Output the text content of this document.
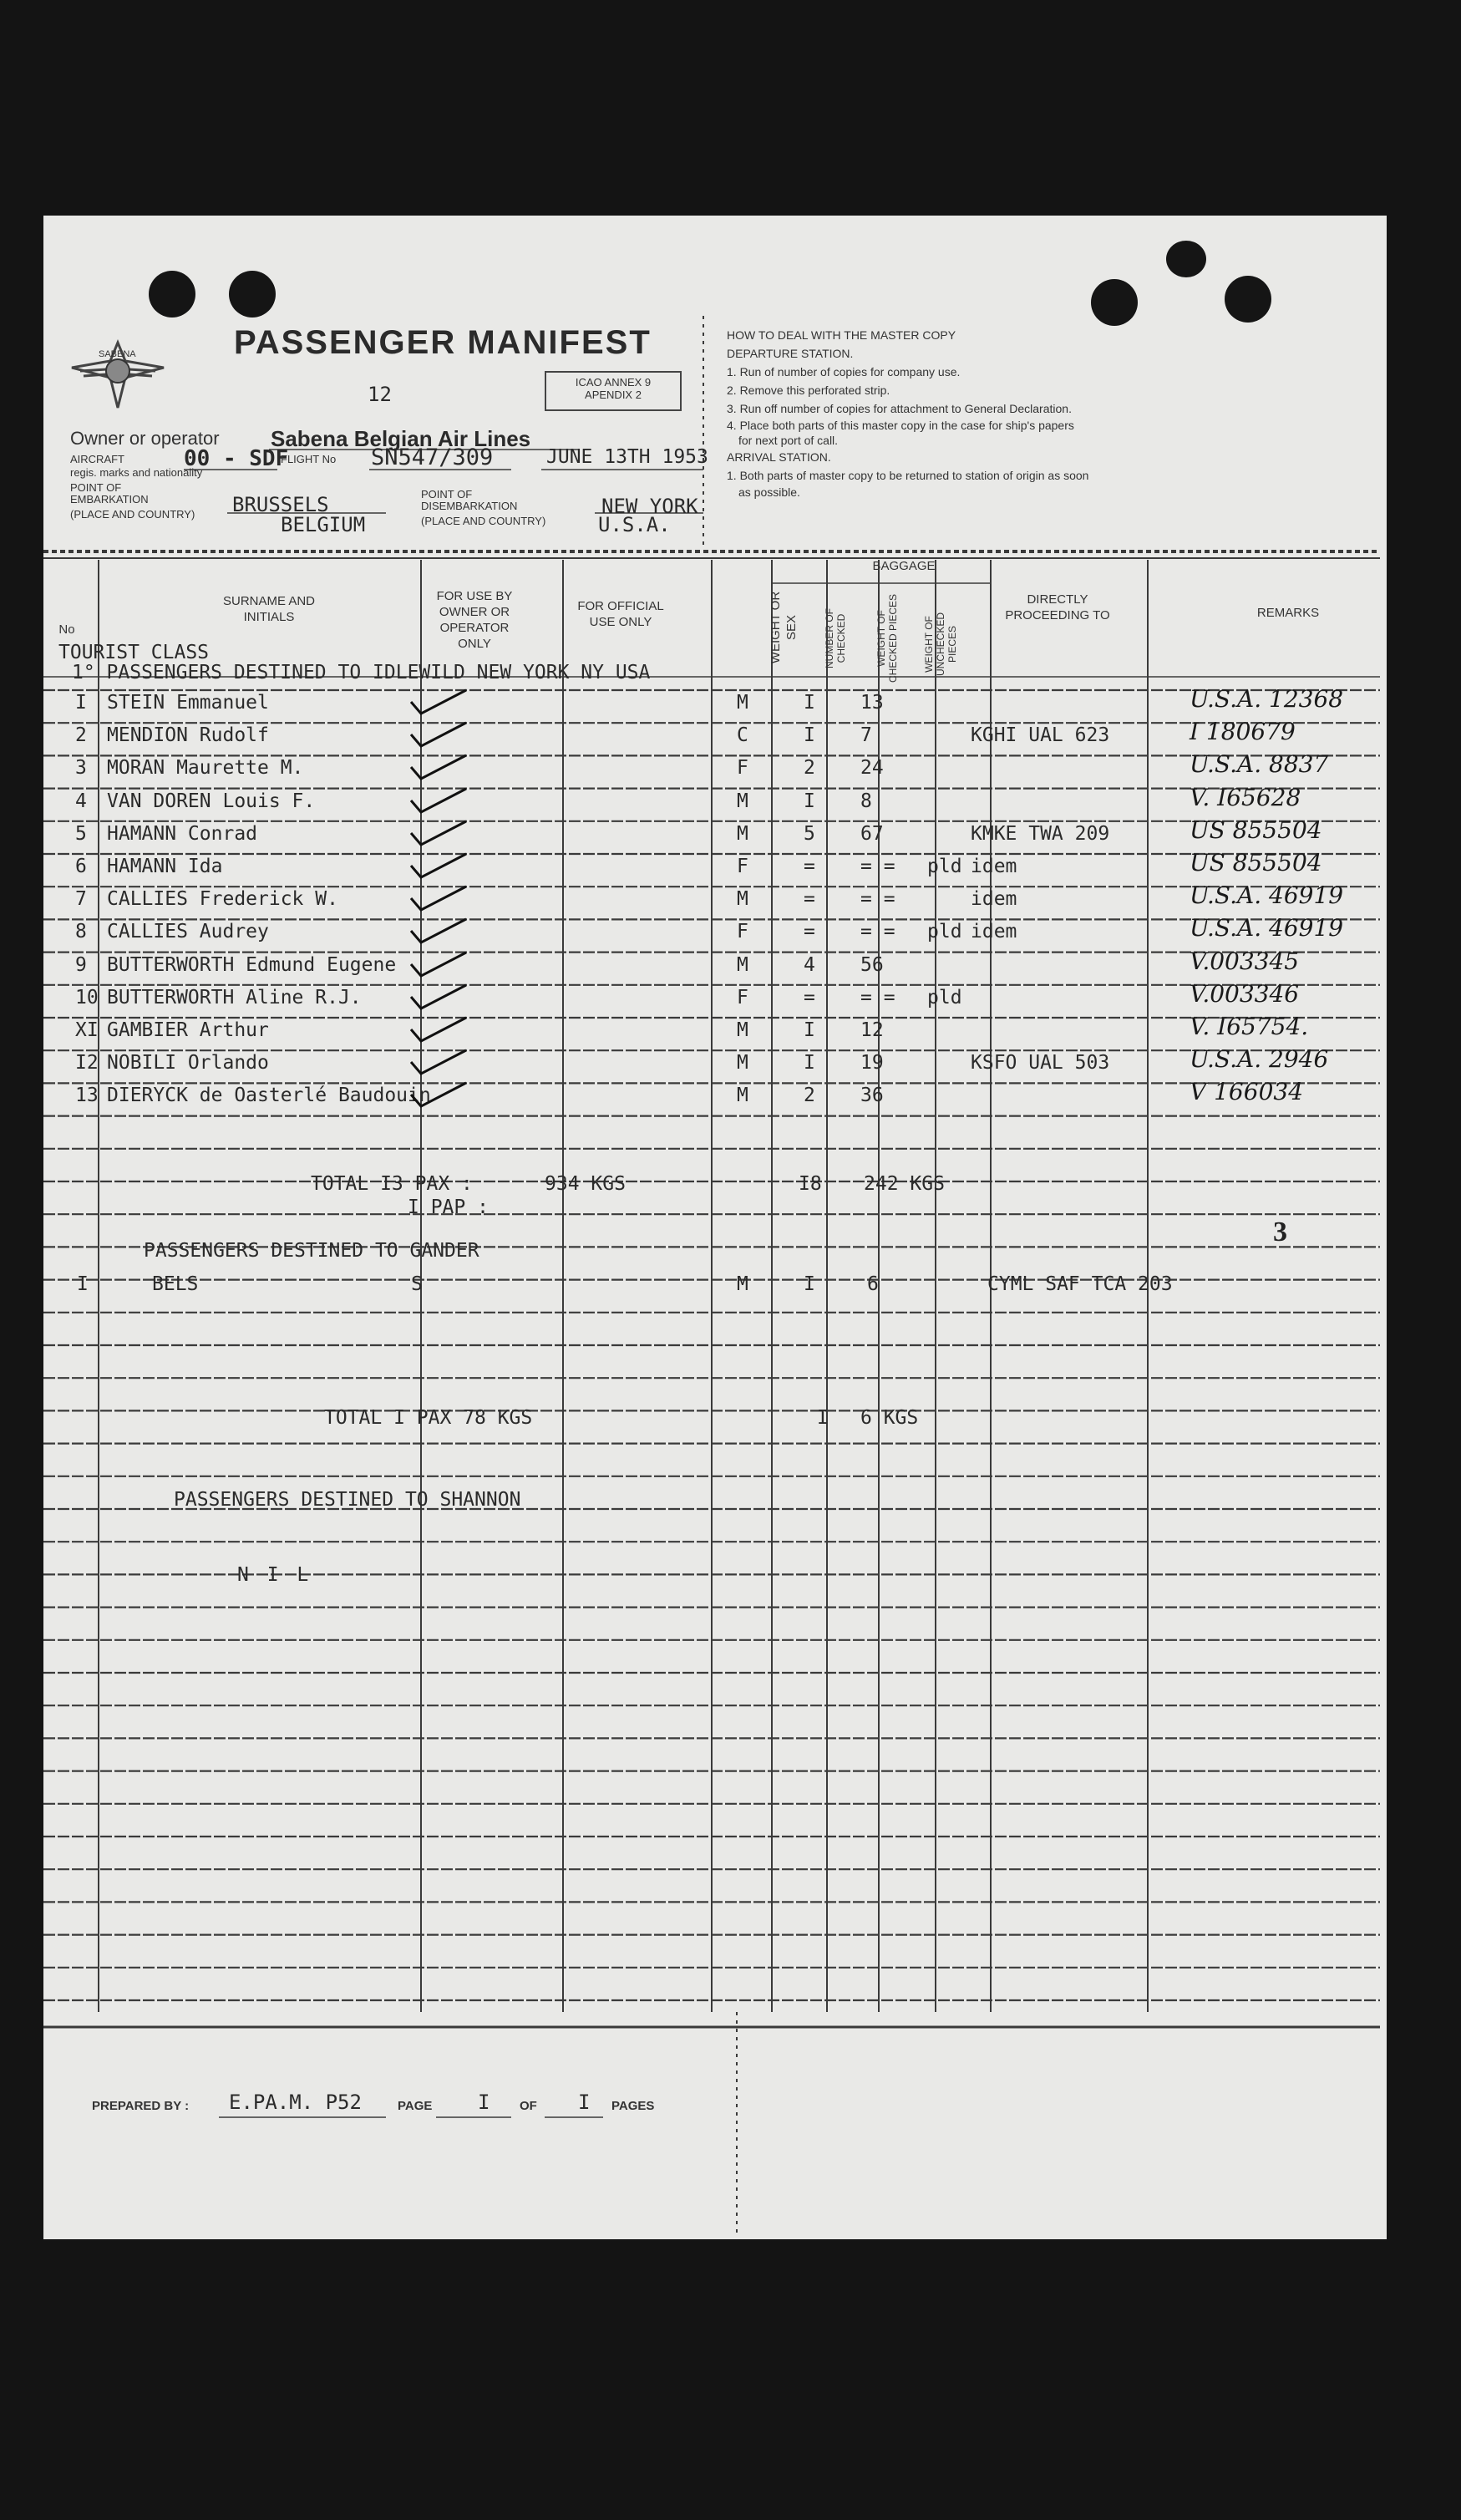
SABENA	PASSENGER MANIFEST
12
ICAO ANNEX 9
APENDIX 2
Owner or operator Sabena Belgian Air Lines
AIRCRAFT	00 - SDF
regis. marks and nationality
FLIGHT No SN547/309	JUNE 13TH 1953
POINT OF
EMBARKATION
(PLACE AND COUNTRY) BRUSSELS
BELGIUM
POINT OF
DISEMBARKATION
(PLACE AND COUNTRY)
NEW YORK
U.S.A.
HOW TO DEAL WITH THE MASTER COPY
DEPARTURE STATION.
1. Run of number of copies for company use.
2. Remove this perforated strip.
3. Run off number of copies for attachment to General Declaration.
4. Place both parts of this master copy in the case for ship's papers
for next port of call.
ARRIVAL STATION.
1. Both parts of master copy to be returned to station of origin as soon
as possible.
No
SURNAME AND INITIALS
FOR USE BY OWNER OR OPERATOR ONLY
FOR OFFICIAL USE ONLY	WEIGHT OR SEX
BAGGAGE
NUMBER OF CHECKED	WEIGHT OF CHECKED PIECES WEIGHT OF UNCHECKED PIECES
DIRECTLY PROCEEDING TO	REMARKS
TOURIST CLASS
1° PASSENGERS DESTINED TO IDLEWILD NEW YORK NY USA
I STEIN Emmanuel	M	I 13	U.S.A. 12368
2 MENDION Rudolf	C	I 7	KGHI UAL 623	I 180679
3 MORAN Maurette M.	F	2 24	U.S.A. 8837
4 VAN DOREN Louis F.	M	I 8	V. I65628
5 HAMANN Conrad	M	5 67	KMKE TWA 209	US 855504
6 HAMANN Ida	F	= = = pld idem	US 855504
7 CALLIES Frederick W.	M	= = =	idem	U.S.A. 46919
8 CALLIES Audrey	F	= = = pld idem	U.S.A. 46919
9 BUTTERWORTH Edmund Eugene	M	4 56	V.003345
10 BUTTERWORTH Aline R.J.	F	= = = pld	V.003346
XI GAMBIER Arthur	M	I 12	V. I65754.
I2 NOBILI Orlando	M	I 19	KSFO UAL 503	U.S.A. 2946
13 DIERYCK de Oasterlé Baudouin	M	2 36	V 166034
TOTAL I3 PAX :	934 KGS	I8 242 KGS
I PAP :
3
PASSENGERS DESTINED TO GANDER
I	BELS	S	M	I	6	CYML SAF TCA 203
TOTAL I PAX 78 KGS	I 6 KGS
PASSENGERS DESTINED TO SHANNON
N I L
PREPARED BY : E.PA.M. P52	PAGE I OF I PAGES
